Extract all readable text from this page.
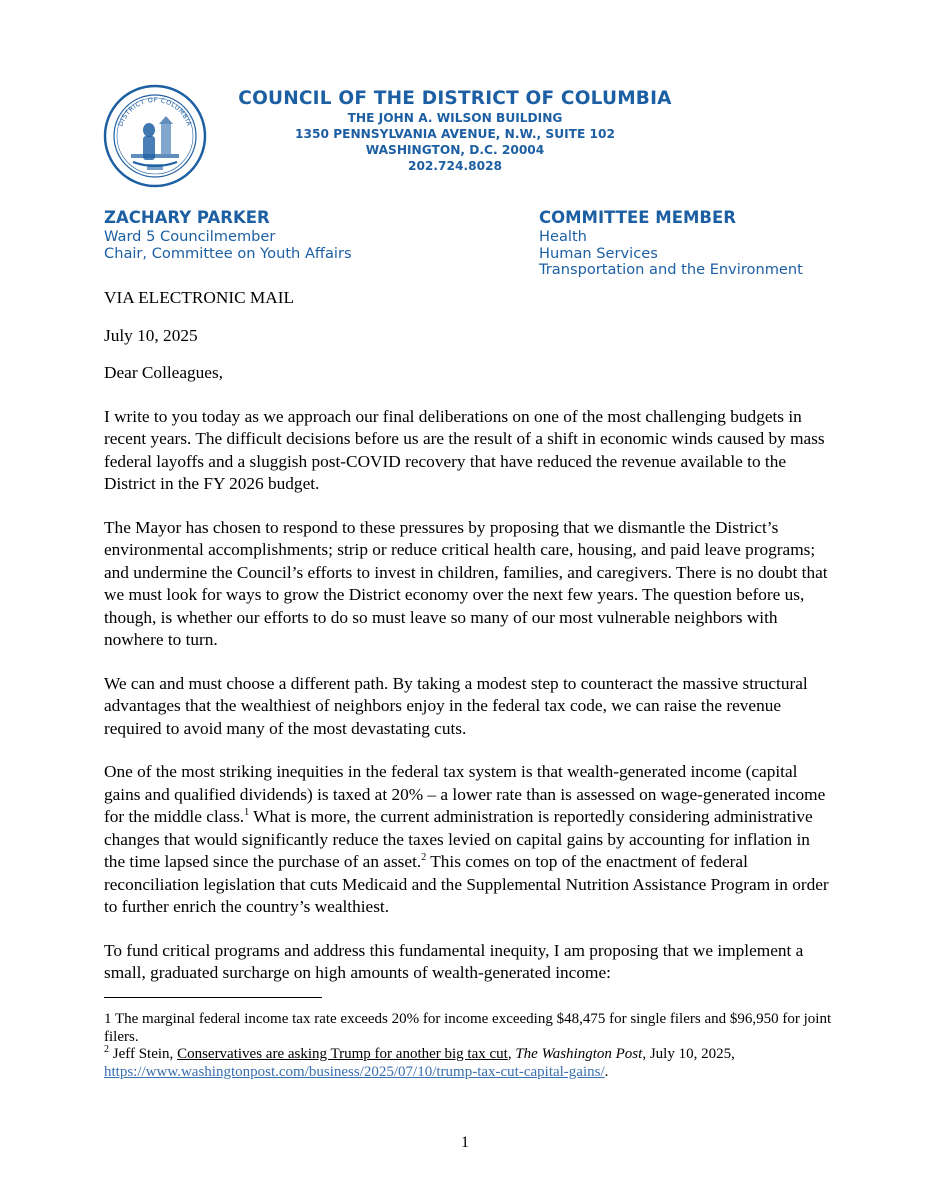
DISTRICT OF COLUMBIA
COUNCIL OF THE DISTRICT OF COLUMBIA
THE JOHN A. WILSON BUILDING
1350 PENNSYLVANIA AVENUE, N.W., SUITE 102
WASHINGTON, D.C. 20004
202.724.8028
ZACHARY PARKER
Ward 5 Councilmember
Chair, Committee on Youth Affairs
COMMITTEE MEMBER
Health
Human Services
Transportation and the Environment

VIA ELECTRONIC MAIL

July 10, 2025

Dear Colleagues,

I write to you today as we approach our final deliberations on one of the most challenging budgets in recent years. The difficult decisions before us are the result of a shift in economic winds caused by mass federal layoffs and a sluggish post-COVID recovery that have reduced the revenue available to the District in the FY 2026 budget.

The Mayor has chosen to respond to these pressures by proposing that we dismantle the District’s environmental accomplishments; strip or reduce critical health care, housing, and paid leave programs; and undermine the Council’s efforts to invest in children, families, and caregivers. There is no doubt that we must look for ways to grow the District economy over the next few years. The question before us, though, is whether our efforts to do so must leave so many of our most vulnerable neighbors with nowhere to turn.

We can and must choose a different path. By taking a modest step to counteract the massive structural advantages that the wealthiest of neighbors enjoy in the federal tax code, we can raise the revenue required to avoid many of the most devastating cuts.

One of the most striking inequities in the federal tax system is that wealth-generated income (capital gains and qualified dividends) is taxed at 20% – a lower rate than is assessed on wage-generated income for the middle class.$^1$ What is more, the current administration is reportedly considering administrative changes that would significantly reduce the taxes levied on capital gains by accounting for inflation in the time lapsed since the purchase of an asset.$^2$ This comes on top of the enactment of federal reconciliation legislation that cuts Medicaid and the Supplemental Nutrition Assistance Program in order to further enrich the country’s wealthiest.

To fund critical programs and address this fundamental inequity, I am proposing that we implement a small, graduated surcharge on high amounts of wealth-generated income:

1 The marginal federal income tax rate exceeds 20% for income exceeding $48,475 for single filers and $96,950 for joint filers.
$^2$ Jeff Stein, Conservatives are asking Trump for another big tax cut, The Washington Post, July 10, 2025,
https://www.washingtonpost.com/business/2025/07/10/trump-tax-cut-capital-gains/.
1
